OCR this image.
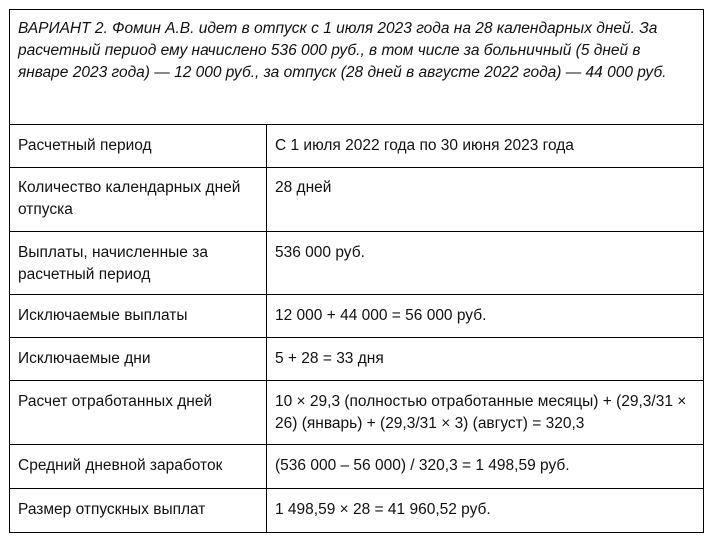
ВАРИАНТ 2. Фомин А.В. идет в отпуск с 1 июля 2023 года на 28 календарных дней. За расчетный период ему начислено 536 000 руб., в том числе за больничный (5 дней в январе 2023 года) — 12 000 руб., за отпуск (28 дней в августе 2022 года) — 44 000 руб.	
Расчетный период	С 1 июля 2022 года по 30 июня 2023 года
Количество календарных дней отпуска	28 дней
Выплаты, начисленные за расчетный период	536 000 руб.
Исключаемые выплаты	12 000 + 44 000 = 56 000 руб.
Исключаемые дни	5 + 28 = 33 дня
Расчет отработанных дней	10 × 29,3 (полностью отработанные месяцы) + (29,3/31 × 26) (январь) + (29,3/31 × 3) (август) = 320,3
Средний дневной заработок	(536 000 – 56 000) / 320,3 = 1 498,59 руб.
Размер отпускных выплат	1 498,59 × 28 = 41 960,52 руб.
